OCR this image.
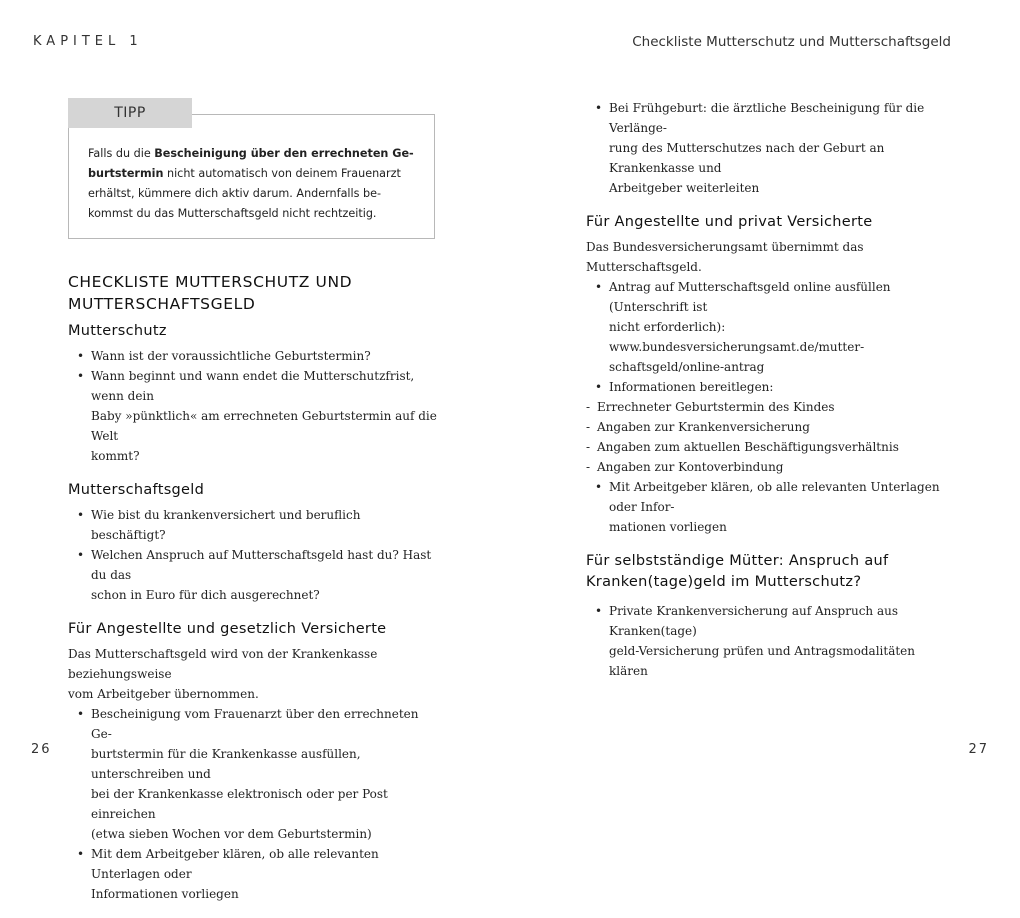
KAPITEL 1	Checkliste Mutterschutz und Mutterschaftsgeld
TIPP
Falls du die Bescheinigung über den errechneten Ge-
burtstermin nicht automatisch von deinem Frauenarzt
erhältst, kümmere dich aktiv darum. Andernfalls be-
kommst du das Mutterschaftsgeld nicht rechtzeitig.
CHECKLISTE MUTTERSCHUTZ UND
MUTTERSCHAFTSGELD
Mutterschutz
• Wann ist der voraussichtliche Geburtstermin?
• Wann beginnt und wann endet die Mutterschutzfrist, wenn dein
Baby »pünktlich« am errechneten Geburtstermin auf die Welt
kommt?
Mutterschaftsgeld
• Wie bist du krankenversichert und beruflich beschäftigt?
• Welchen Anspruch auf Mutterschaftsgeld hast du? Hast du das
schon in Euro für dich ausgerechnet?
Für Angestellte und gesetzlich Versicherte

Das Mutterschaftsgeld wird von der Krankenkasse beziehungsweise
vom Arbeitgeber übernommen.

• Bescheinigung vom Frauenarzt über den errechneten Ge-
burtstermin für die Krankenkasse ausfüllen, unterschreiben und
bei der Krankenkasse elektronisch oder per Post einreichen
(etwa sieben Wochen vor dem Geburtstermin)
• Mit dem Arbeitgeber klären, ob alle relevanten Unterlagen oder
Informationen vorliegen
• Bei Frühgeburt: die ärztliche Bescheinigung für die Verlänge-
rung des Mutterschutzes nach der Geburt an Krankenkasse und
Arbeitgeber weiterleiten
Für Angestellte und privat Versicherte

Das Bundesversicherungsamt übernimmt das Mutterschaftsgeld.

• Antrag auf Mutterschaftsgeld online ausfüllen (Unterschrift ist
nicht erforderlich): www.bundesversicherungsamt.de/mutter-
schaftsgeld/online-antrag
• Informationen bereitlegen:
- Errechneter Geburtstermin des Kindes
- Angaben zur Krankenversicherung
- Angaben zum aktuellen Beschäftigungsverhältnis
- Angaben zur Kontoverbindung
• Mit Arbeitgeber klären, ob alle relevanten Unterlagen oder Infor-
mationen vorliegen
Für selbstständige Mütter: Anspruch auf
Kranken(tage)geld im Mutterschutz?
• Private Krankenversicherung auf Anspruch aus Kranken(tage)
geld-Versicherung prüfen und Antragsmodalitäten klären
26	27
